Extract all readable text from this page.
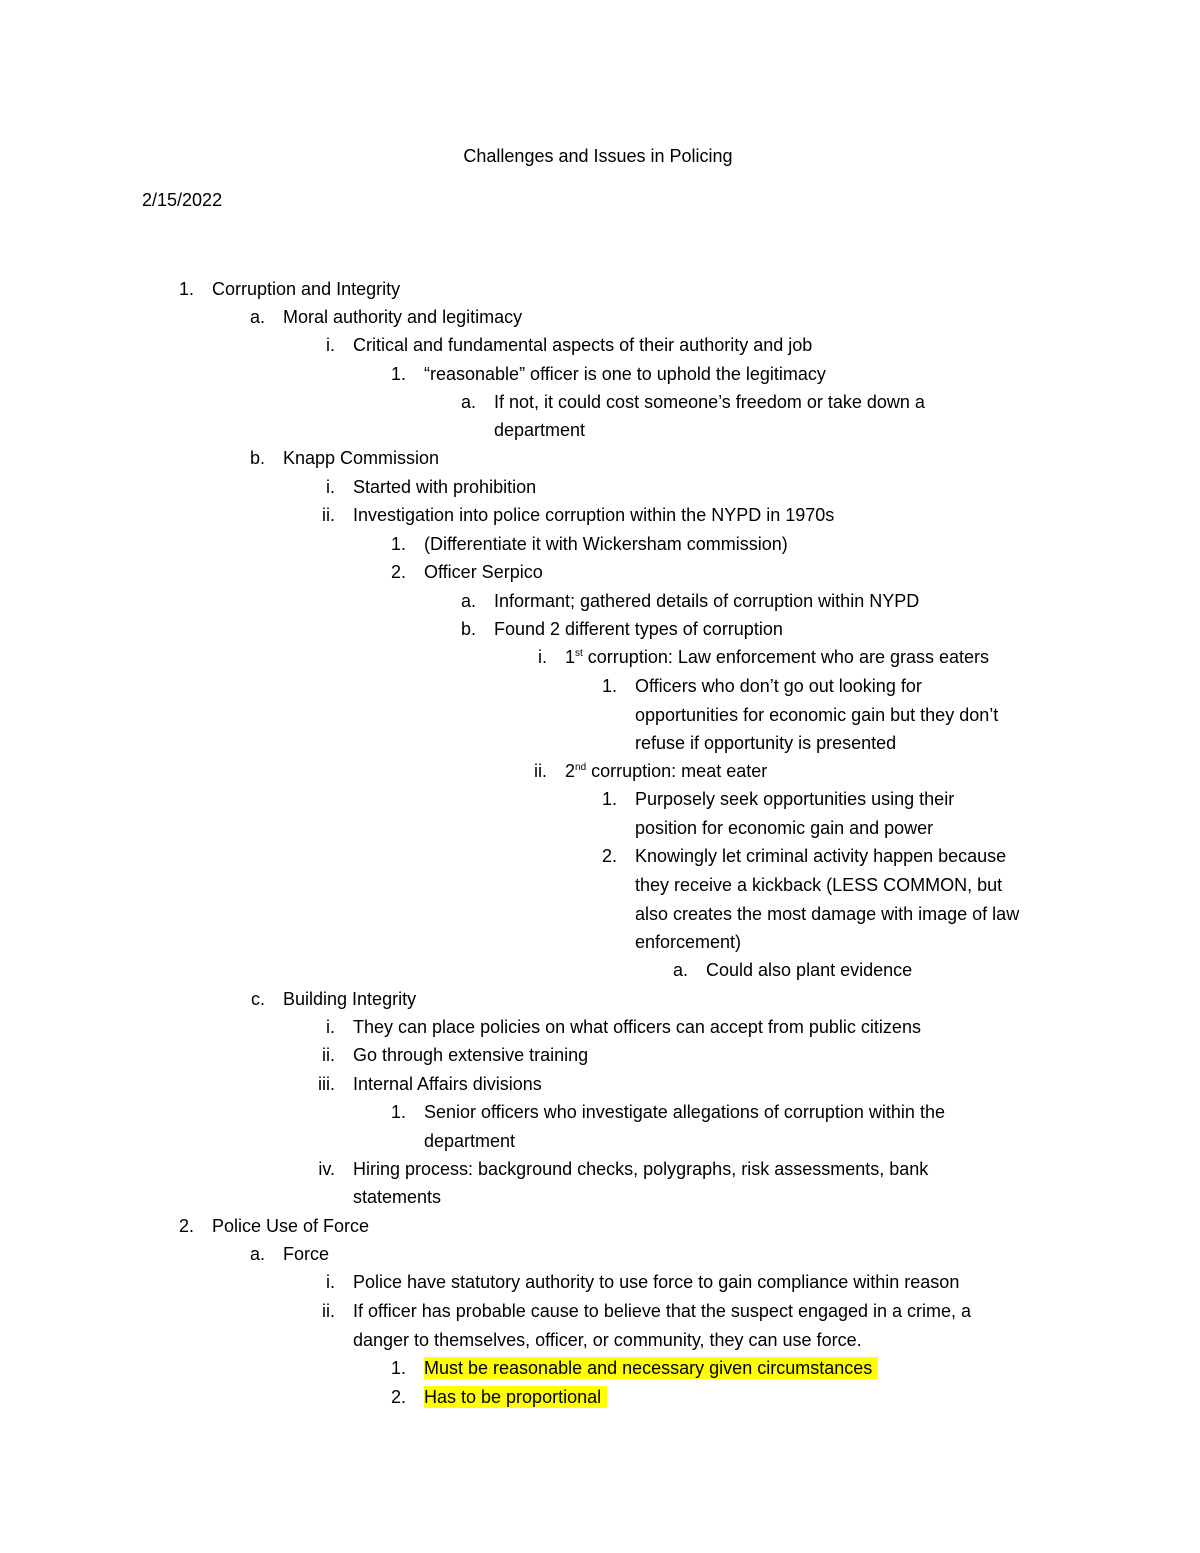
Challenges and Issues in Policing
2/15/2022
1. Corruption and Integrity
a. Moral authority and legitimacy
i. Critical and fundamental aspects of their authority and job
1. “reasonable” officer is one to uphold the legitimacy
a. If not, it could cost someone’s freedom or take down a
department
b. Knapp Commission
i. Started with prohibition
ii. Investigation into police corruption within the NYPD in 1970s
1. (Differentiate it with Wickersham commission)
2. Officer Serpico
a. Informant; gathered details of corruption within NYPD
b. Found 2 different types of corruption
i. 1st corruption: Law enforcement who are grass eaters
1. Officers who don’t go out looking for
opportunities for economic gain but they don’t
refuse if opportunity is presented
ii. 2nd corruption: meat eater
1. Purposely seek opportunities using their
position for economic gain and power
2. Knowingly let criminal activity happen because
they receive a kickback (LESS COMMON, but
also creates the most damage with image of law
enforcement)
a. Could also plant evidence
c. Building Integrity
i. They can place policies on what officers can accept from public citizens
ii. Go through extensive training
iii. Internal Affairs divisions
1. Senior officers who investigate allegations of corruption within the
department
iv. Hiring process: background checks, polygraphs, risk assessments, bank
statements
2. Police Use of Force
a. Force
i. Police have statutory authority to use force to gain compliance within reason
ii. If officer has probable cause to believe that the suspect engaged in a crime, a
danger to themselves, officer, or community, they can use force.
1. Must be reasonable and necessary given circumstances
2. Has to be proportional
